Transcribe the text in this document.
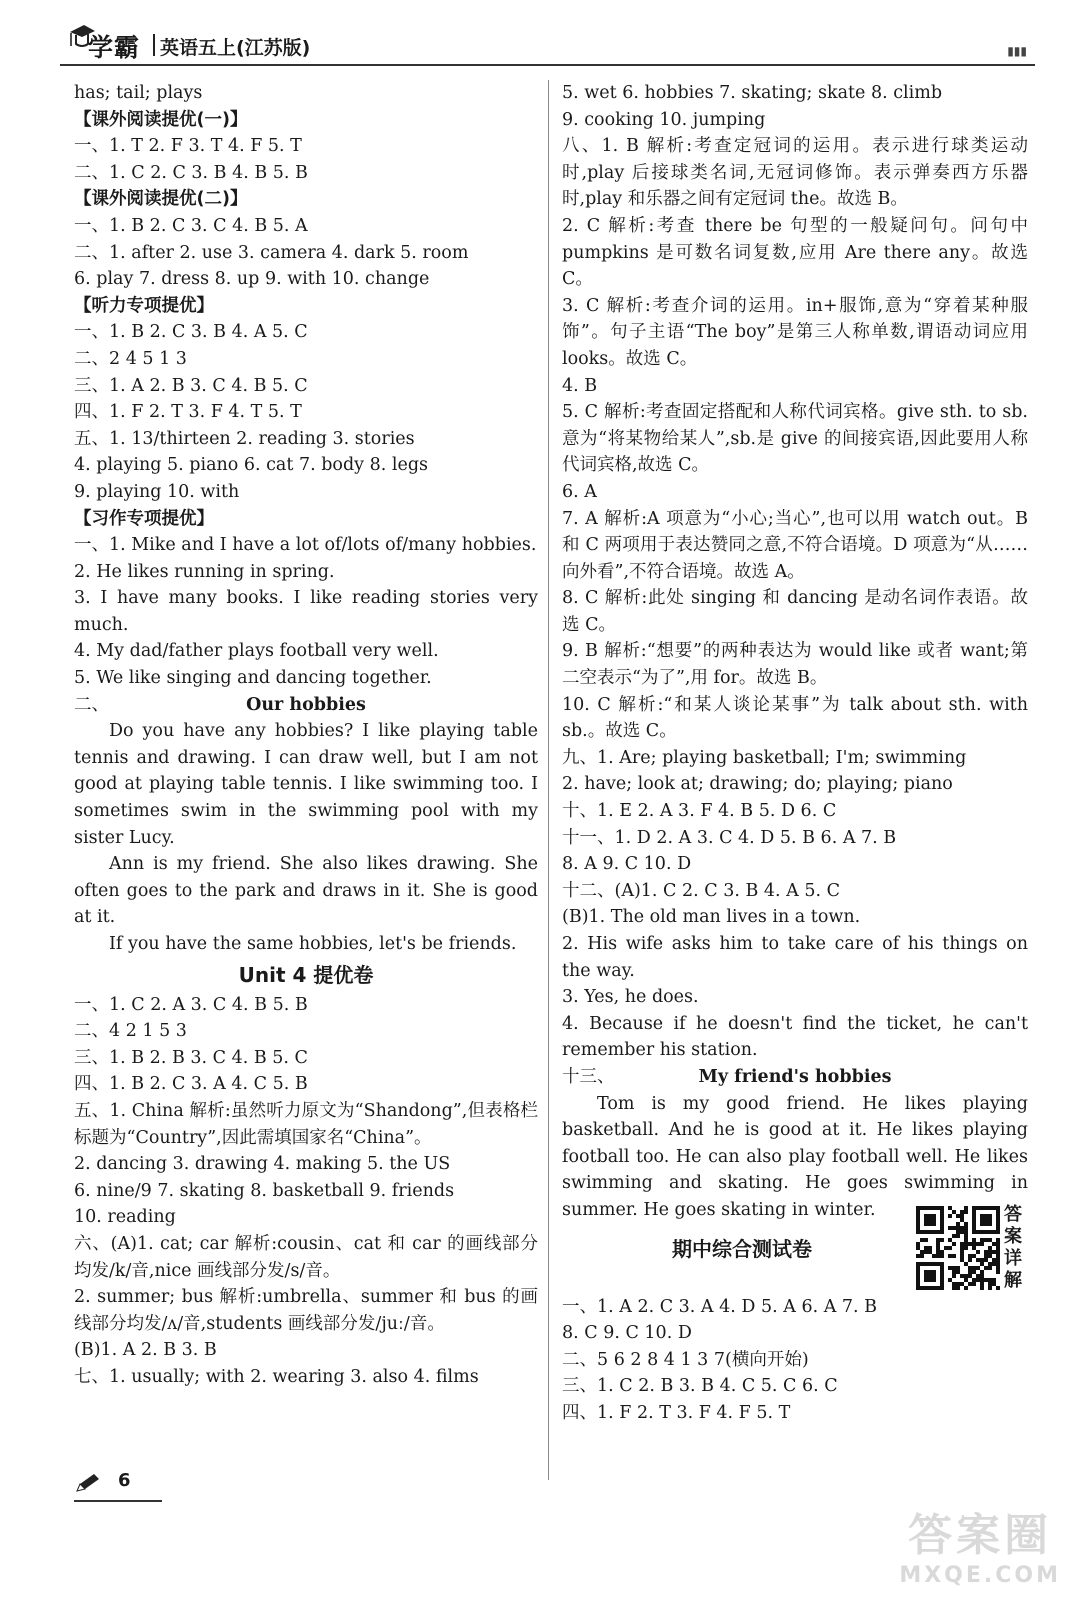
学霸 英语五上(江苏版)	▮▮▮
has; tail; plays
【课外阅读提优(一)】
一、1. T 2. F 3. T 4. F 5. T
二、1. C 2. C 3. B 4. B 5. B
【课外阅读提优(二)】
一、1. B 2. C 3. C 4. B 5. A
二、1. after 2. use 3. camera 4. dark 5. room
6. play 7. dress 8. up 9. with 10. change
【听力专项提优】
一、1. B 2. C 3. B 4. A 5. C
二、2 4 5 1 3
三、1. A 2. B 3. C 4. B 5. C
四、1. F 2. T 3. F 4. T 5. T
五、1. 13/thirteen 2. reading 3. stories
4. playing 5. piano 6. cat 7. body 8. legs
9. playing 10. with
【习作专项提优】
一、1. Mike and I have a lot of/lots of/many hobbies.
2. He likes running in spring.
3. I have many books. I like reading stories very much.
4. My dad/father plays football very well.
5. We like singing and dancing together.
二、	Our hobbies
Do you have any hobbies? I like playing table tennis and drawing. I can draw well, but I am not good at playing table tennis. I like swimming too. I sometimes swim in the swimming pool with my sister Lucy.
Ann is my friend. She also likes drawing. She often goes to the park and draws in it. She is good at it.
If you have the same hobbies, let's be friends.
Unit 4 提优卷
一、1. C 2. A 3. C 4. B 5. B
二、4 2 1 5 3
三、1. B 2. B 3. C 4. B 5. C
四、1. B 2. C 3. A 4. C 5. B
五、1. China 解析:虽然听力原文为“Shandong”,但表格栏标题为“Country”,因此需填国家名“China”。
2. dancing 3. drawing 4. making 5. the US
6. nine/9 7. skating 8. basketball 9. friends
10. reading
六、(A)1. cat; car 解析:cousin、cat 和 car 的画线部分均发/k/音,nice 画线部分发/s/音。
2. summer; bus 解析:umbrella、summer 和 bus 的画线部分均发/ʌ/音,students 画线部分发/juː/音。
(B)1. A 2. B 3. B
七、1. usually; with 2. wearing 3. also 4. films
5. wet 6. hobbies 7. skating; skate 8. climb
9. cooking 10. jumping
八、1. B 解析:考查定冠词的运用。表示进行球类运动时,play 后接球类名词,无冠词修饰。表示弹奏西方乐器时,play 和乐器之间有定冠词 the。故选 B。
2. C 解析:考查 there be 句型的一般疑问句。问句中 pumpkins 是可数名词复数,应用 Are there any。故选 C。
3. C 解析:考查介词的运用。in+服饰,意为“穿着某种服饰”。句子主语“The boy”是第三人称单数,谓语动词应用 looks。故选 C。
4. B
5. C 解析:考查固定搭配和人称代词宾格。give sth. to sb. 意为“将某物给某人”,sb.是 give 的间接宾语,因此要用人称代词宾格,故选 C。
6. A
7. A 解析:A 项意为“小心;当心”,也可以用 watch out。B 和 C 两项用于表达赞同之意,不符合语境。D 项意为“从……向外看”,不符合语境。故选 A。
8. C 解析:此处 singing 和 dancing 是动名词作表语。故选 C。
9. B 解析:“想要”的两种表达为 would like 或者 want;第二空表示“为了”,用 for。故选 B。
10. C 解析:“和某人谈论某事”为 talk about sth. with sb.。故选 C。
九、1. Are; playing basketball; I'm; swimming
2. have; look at; drawing; do; playing; piano
十、1. E 2. A 3. F 4. B 5. D 6. C
十一、1. D 2. A 3. C 4. D 5. B 6. A 7. B
8. A 9. C 10. D
十二、(A)1. C 2. C 3. B 4. A 5. C
(B)1. The old man lives in a town.
2. His wife asks him to take care of his things on the way.
3. Yes, he does.
4. Because if he doesn't find the ticket, he can't remember his station.
十三、	My friend's hobbies
Tom is my good friend. He likes playing basketball. And he is good at it. He likes playing football too. He can also play football well. He likes swimming and skating. He goes swimming in summer. He goes skating in winter.
期中综合测试卷
答案详解
一、1. A 2. C 3. A 4. D 5. A 6. A 7. B
8. C 9. C 10. D
二、5 6 2 8 4 1 3 7(横向开始)
三、1. C 2. B 3. B 4. C 5. C 6. C
四、1. F 2. T 3. F 4. F 5. T
6
答案圈
MXQE.COM
